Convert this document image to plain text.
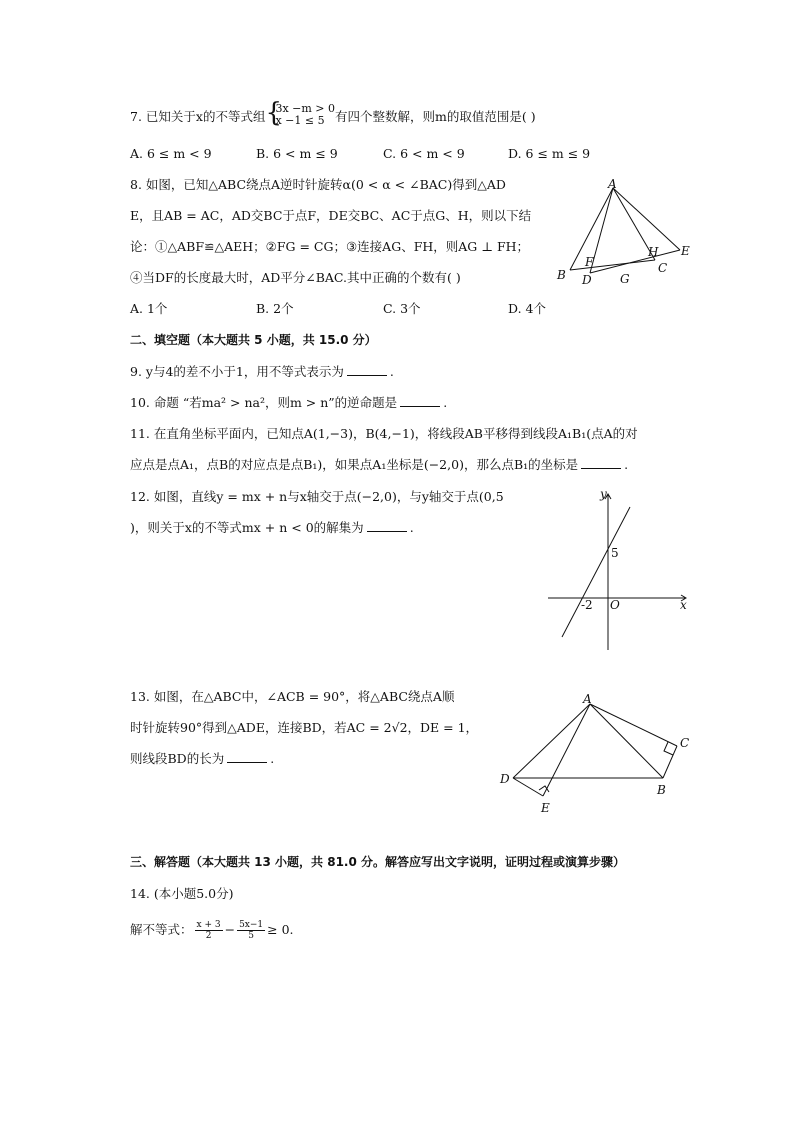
7. 已知关于x的不等式组 {
3x −m > 0
x −1 ≤ 5 有四个整数解，则m的取值范围是( )
A. 6 ≤ m < 9	B. 6 < m ≤ 9	C. 6 < m < 9	D. 6 ≤ m ≤ 9
8. 如图，已知△ABC绕点A逆时针旋转α(0 < α < ∠BAC)得到△AD
E，且AB = AC，AD交BC于点F，DE交BC、AC于点G、H，则以下结
论：①△ABF≌△AEH；②FG = CG；③连接AG、FH，则AG ⊥ FH；
④当DF的长度最大时，AD平分∠BAC.其中正确的个数有( )
A. 1个	B. 2个	C. 3个	D. 4个
A
B	C
D
E
F
G
H
二、填空题（本大题共 5 小题，共 15.0 分）
9. y与4的差不小于1，用不等式表示为	.
10. 命题 “若ma² > na²，则m > n”的逆命题是	.
11. 在直角坐标平面内，已知点A(1,−3)，B(4,−1)，将线段AB平移得到线段A₁B₁(点A的对
应点是点A₁，点B的对应点是点B₁)，如果点A₁坐标是(−2,0)，那么点B₁的坐标是	.
12. 如图，直线y = mx + n与x轴交于点(−2,0)，与y轴交于点(0,5
)，则关于x的不等式mx + n < 0的解集为	.
y
x
5
-2 O
13. 如图，在△ABC中，∠ACB = 90°，将△ABC绕点A顺
时针旋转90°得到△ADE，连接BD，若AC = 2√2，DE = 1，
则线段BD的长为	.
A
B
C
D
E
三、解答题（本大题共 13 小题，共 81.0 分。解答应写出文字说明，证明过程或演算步骤）
14. (本小题5.0分)
解不等式： $\frac{x + 3}{2} - \frac{5x-1}{5} \ge 0$.
